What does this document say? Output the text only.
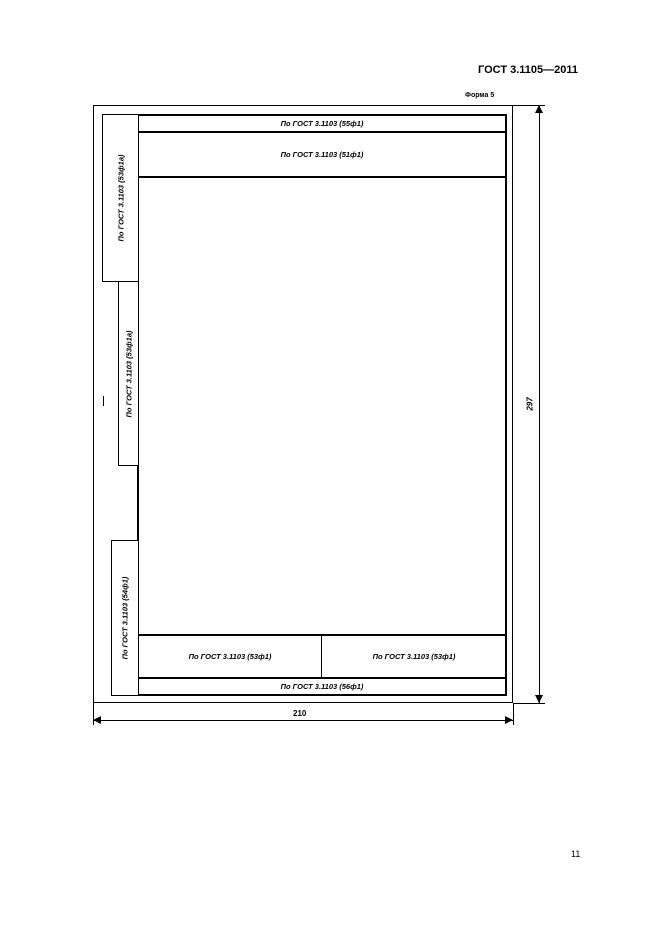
ГОСТ 3.1105—2011
Форма 5
По ГОСТ 3.1103 (55ф1)
По ГОСТ 3.1103 (51ф1)
По ГОСТ 3.1103 (53ф1)	По ГОСТ 3.1103 (53ф1)
По ГОСТ 3.1103 (56ф1)
По ГОСТ 3.1103 (53ф1а)
По ГОСТ 3.1103 (53ф1а)
По ГОСТ 3.1103 (54ф1)
210
297
11
